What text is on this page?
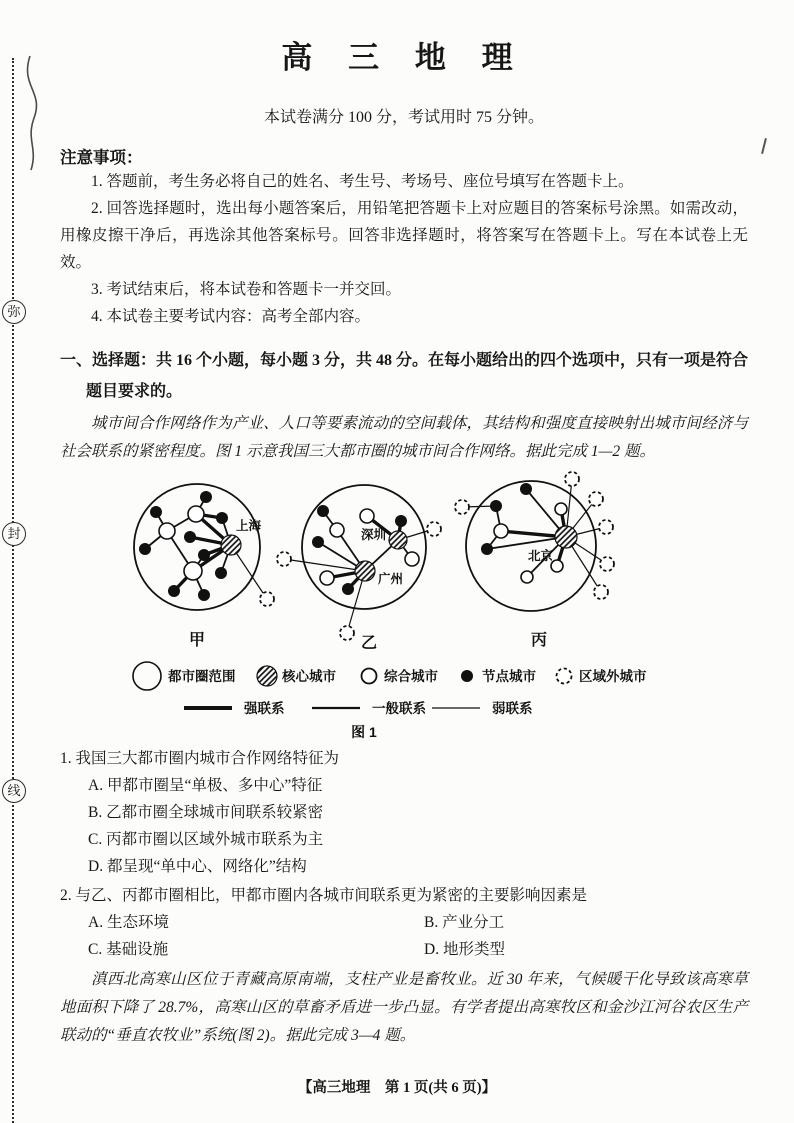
弥
封
线
高 三 地 理
本试卷满分 100 分，考试用时 75 分钟。
注意事项：

1. 答题前，考生务必将自己的姓名、考生号、考场号、座位号填写在答题卡上。

2. 回答选择题时，选出每小题答案后，用铅笔把答题卡上对应题目的答案标号涂黑。如需改动，用橡皮擦干净后，再选涂其他答案标号。回答非选择题时，将答案写在答题卡上。写在本试卷上无效。

3. 考试结束后，将本试卷和答题卡一并交回。

4. 本试卷主要考试内容：高考全部内容。

一、选择题：共 16 个小题，每小题 3 分，共 48 分。在每小题给出的四个选项中，只有一项是符合题目要求的。

城市间合作网络作为产业、人口等要素流动的空间载体，其结构和强度直接映射出城市间经济与社会联系的紧密程度。图 1 示意我国三大都市圈的城市间合作网络。据此完成 1—2 题。

上海
甲
深圳
广州
乙
北京
丙
都市圈范围	核心城市	综合城市	节点城市	区域外城市
强联系	一般联系	弱联系
图 1

1. 我国三大都市圈内城市合作网络特征为

A. 甲都市圈呈“单极、多中心”特征

B. 乙都市圈全球城市间联系较紧密

C. 丙都市圈以区域外城市联系为主

D. 都呈现“单中心、网络化”结构

2. 与乙、丙都市圈相比，甲都市圈内各城市间联系更为紧密的主要影响因素是

A. 生态环境	B. 产业分工

C. 基础设施	D. 地形类型

滇西北高寒山区位于青藏高原南端，支柱产业是畜牧业。近 30 年来，气候暖干化导致该高寒草地面积下降了 28.7%，高寒山区的草畜矛盾进一步凸显。有学者提出高寒牧区和金沙江河谷农区生产联动的“垂直农牧业”系统(图 2)。据此完成 3—4 题。

【高三地理　第 1 页(共 6 页)】
